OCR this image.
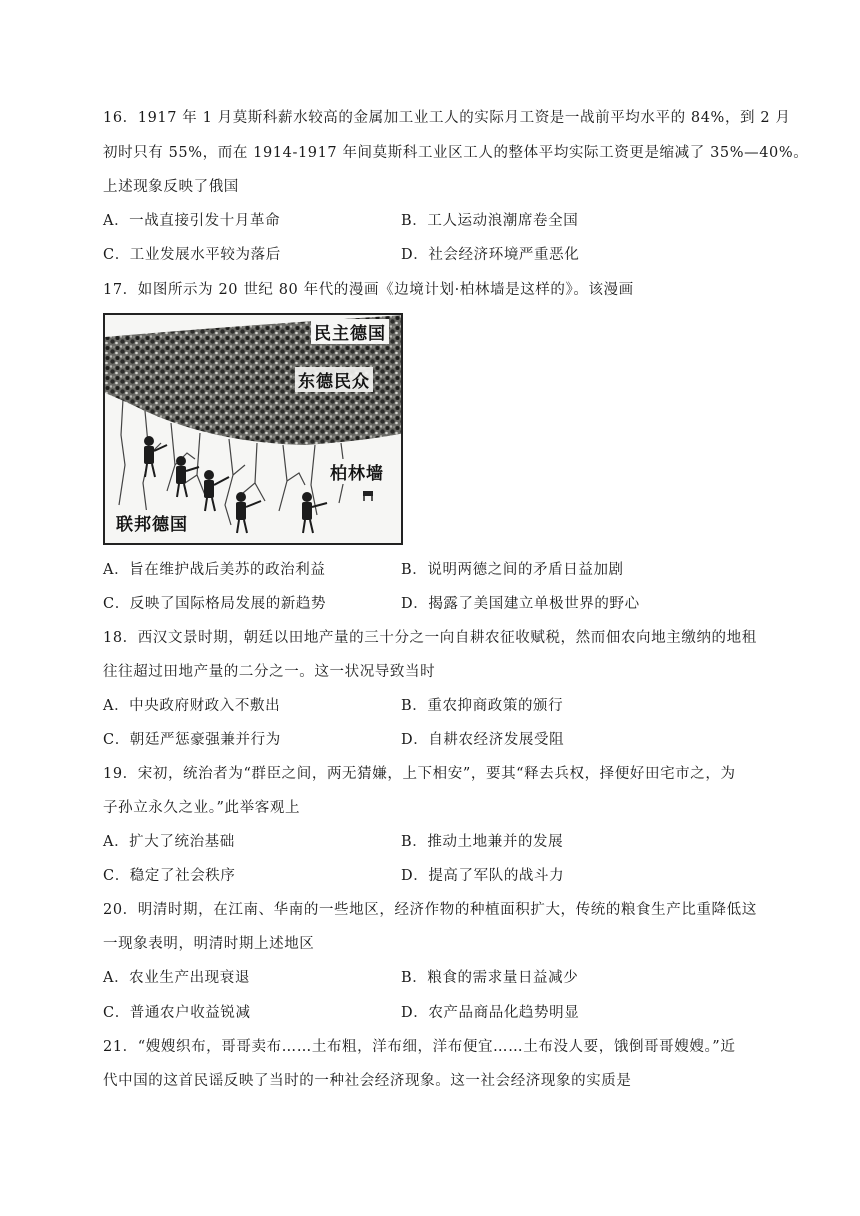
16．1917 年 1 月莫斯科薪水较高的金属加工业工人的实际月工资是一战前平均水平的 84%，到 2 月
初时只有 55%，而在 1914-1917 年间莫斯科工业区工人的整体平均实际工资更是缩减了 35%—40%。
上述现象反映了俄国
A．一战直接引发十月革命	B．工人运动浪潮席卷全国
C．工业发展水平较为落后	D．社会经济环境严重恶化
17．如图所示为 20 世纪 80 年代的漫画《边境计划·柏林墙是这样的》。该漫画
民主德国
东德民众
柏林墙
联邦德国
A．旨在维护战后美苏的政治利益	B．说明两德之间的矛盾日益加剧
C．反映了国际格局发展的新趋势	D．揭露了美国建立单极世界的野心
18．西汉文景时期，朝廷以田地产量的三十分之一向自耕农征收赋税，然而佃农向地主缴纳的地租
往往超过田地产量的二分之一。这一状况导致当时
A．中央政府财政入不敷出	B．重农抑商政策的颁行
C．朝廷严惩豪强兼并行为	D．自耕农经济发展受阻
19．宋初，统治者为“群臣之间，两无猜嫌，上下相安”，要其“释去兵权，择便好田宅市之，为
子孙立永久之业。”此举客观上
A．扩大了统治基础	B．推动土地兼并的发展
C．稳定了社会秩序	D．提高了军队的战斗力
20．明清时期，在江南、华南的一些地区，经济作物的种植面积扩大，传统的粮食生产比重降低这
一现象表明，明清时期上述地区
A．农业生产出现衰退	B．粮食的需求量日益减少
C．普通农户收益锐减	D．农产品商品化趋势明显
21．“嫂嫂织布，哥哥卖布……土布粗，洋布细，洋布便宜……土布没人要，饿倒哥哥嫂嫂。”近
代中国的这首民谣反映了当时的一种社会经济现象。这一社会经济现象的实质是
